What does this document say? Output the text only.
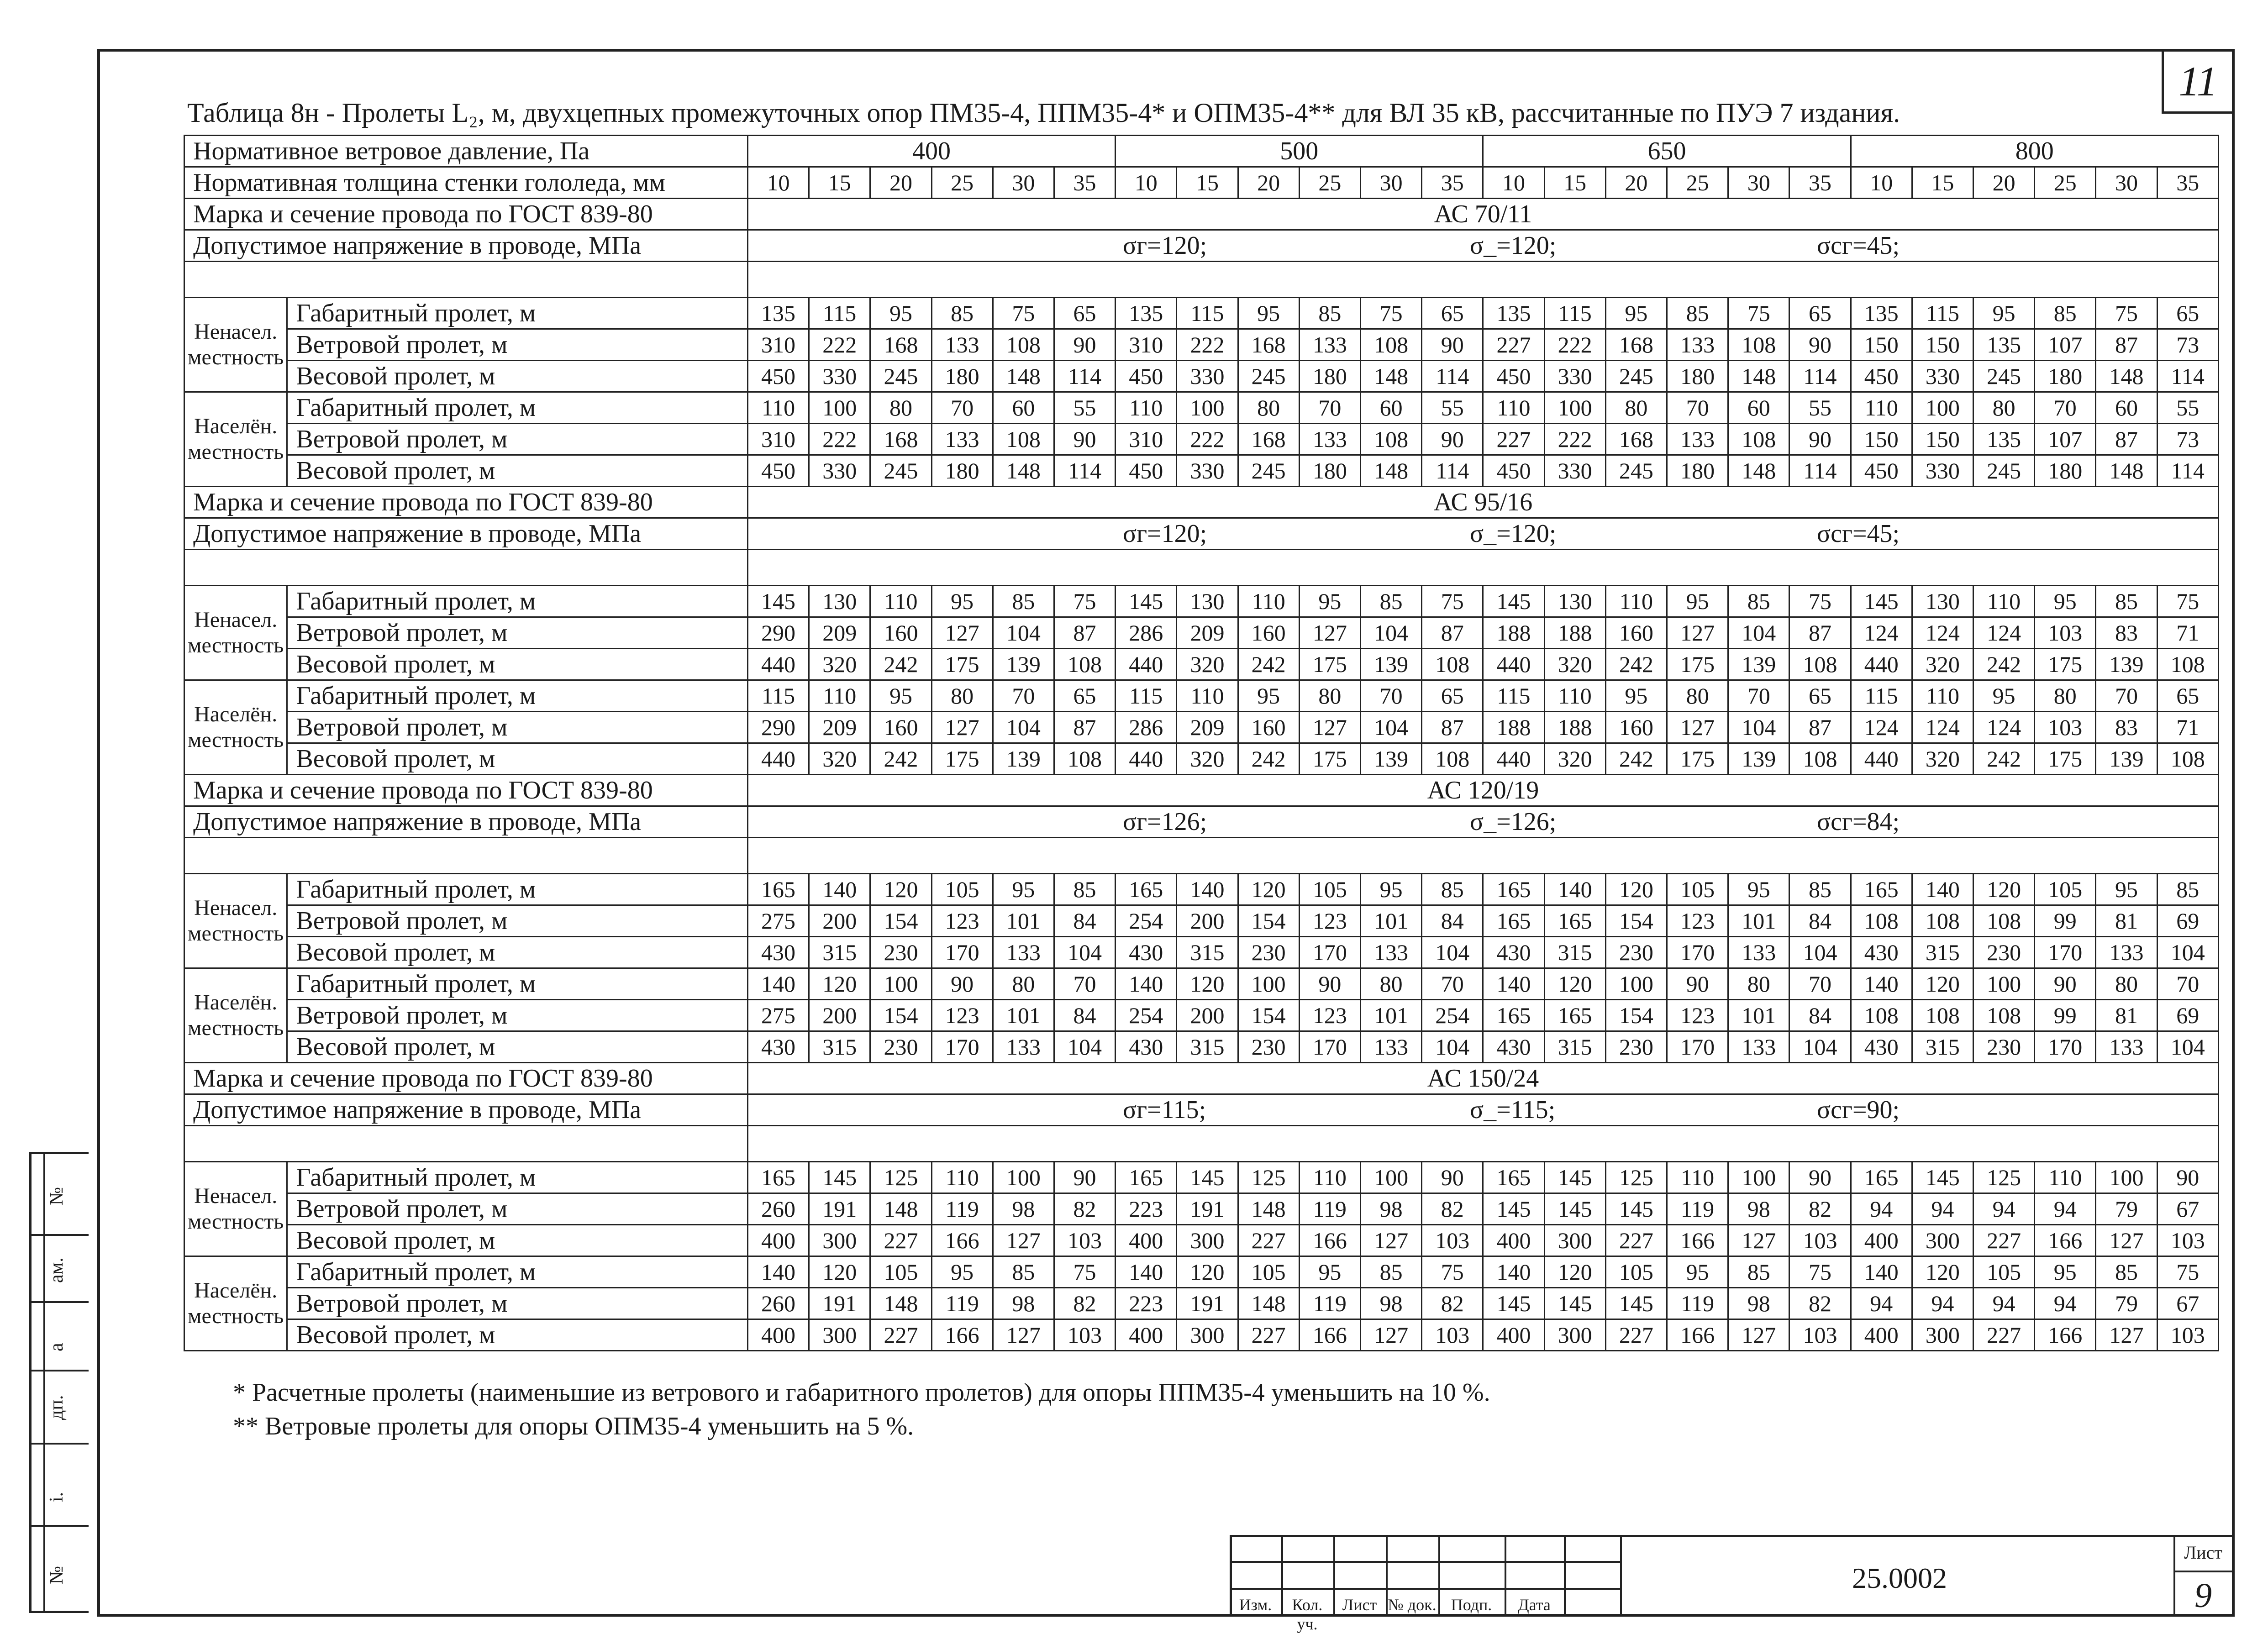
11
Таблица 8н - Пролеты L₂, м, двухцепных промежуточных опор ПМ35-4, ППМ35-4* и ОПМ35-4** для ВЛ 35 кВ, рассчитанные по ПУЭ 7 издания.
Нормативное ветровое давление, Па		400						500						650						800					
Нормативная толщина стенки гололеда, мм		10	15	20	25	30	35	10	15	20	25	30	35	10	15	20	25	30	35	10	15	20	25	30	35
Марка и сечение провода по ГОСТ 839-80		АС 70/11																							
Допустимое напряжение в проводе, МПа		σг=120; σ_=120; σсг=45;																							

Ненасел. местность	Габаритный пролет, м	135	115	95	85	75	65	135	115	95	85	75	65	135	115	95	85	75	65	135	115	95	85	75	65
	Ветровой пролет, м	310	222	168	133	108	90	310	222	168	133	108	90	227	222	168	133	108	90	150	150	135	107	87	73
	Весовой пролет, м	450	330	245	180	148	114	450	330	245	180	148	114	450	330	245	180	148	114	450	330	245	180	148	114
Населён. местность	Габаритный пролет, м	110	100	80	70	60	55	110	100	80	70	60	55	110	100	80	70	60	55	110	100	80	70	60	55
	Ветровой пролет, м	310	222	168	133	108	90	310	222	168	133	108	90	227	222	168	133	108	90	150	150	135	107	87	73
	Весовой пролет, м	450	330	245	180	148	114	450	330	245	180	148	114	450	330	245	180	148	114	450	330	245	180	148	114
Марка и сечение провода по ГОСТ 839-80		АС 95/16																							
Допустимое напряжение в проводе, МПа		σг=120; σ_=120; σсг=45;																							

Ненасел. местность	Габаритный пролет, м	145	130	110	95	85	75	145	130	110	95	85	75	145	130	110	95	85	75	145	130	110	95	85	75
	Ветровой пролет, м	290	209	160	127	104	87	286	209	160	127	104	87	188	188	160	127	104	87	124	124	124	103	83	71
	Весовой пролет, м	440	320	242	175	139	108	440	320	242	175	139	108	440	320	242	175	139	108	440	320	242	175	139	108
Населён. местность	Габаритный пролет, м	115	110	95	80	70	65	115	110	95	80	70	65	115	110	95	80	70	65	115	110	95	80	70	65
	Ветровой пролет, м	290	209	160	127	104	87	286	209	160	127	104	87	188	188	160	127	104	87	124	124	124	103	83	71
	Весовой пролет, м	440	320	242	175	139	108	440	320	242	175	139	108	440	320	242	175	139	108	440	320	242	175	139	108
Марка и сечение провода по ГОСТ 839-80		АС 120/19																							
Допустимое напряжение в проводе, МПа		σг=126; σ_=126; σсг=84;																							

Ненасел. местность	Габаритный пролет, м	165	140	120	105	95	85	165	140	120	105	95	85	165	140	120	105	95	85	165	140	120	105	95	85
	Ветровой пролет, м	275	200	154	123	101	84	254	200	154	123	101	84	165	165	154	123	101	84	108	108	108	99	81	69
	Весовой пролет, м	430	315	230	170	133	104	430	315	230	170	133	104	430	315	230	170	133	104	430	315	230	170	133	104
Населён. местность	Габаритный пролет, м	140	120	100	90	80	70	140	120	100	90	80	70	140	120	100	90	80	70	140	120	100	90	80	70
	Ветровой пролет, м	275	200	154	123	101	84	254	200	154	123	101	254	165	165	154	123	101	84	108	108	108	99	81	69
	Весовой пролет, м	430	315	230	170	133	104	430	315	230	170	133	104	430	315	230	170	133	104	430	315	230	170	133	104
Марка и сечение провода по ГОСТ 839-80		АС 150/24																							
Допустимое напряжение в проводе, МПа		σг=115; σ_=115; σсг=90;																							

Ненасел. местность	Габаритный пролет, м	165	145	125	110	100	90	165	145	125	110	100	90	165	145	125	110	100	90	165	145	125	110	100	90
	Ветровой пролет, м	260	191	148	119	98	82	223	191	148	119	98	82	145	145	145	119	98	82	94	94	94	94	79	67
	Весовой пролет, м	400	300	227	166	127	103	400	300	227	166	127	103	400	300	227	166	127	103	400	300	227	166	127	103
Населён. местность	Габаритный пролет, м	140	120	105	95	85	75	140	120	105	95	85	75	140	120	105	95	85	75	140	120	105	95	85	75
	Ветровой пролет, м	260	191	148	119	98	82	223	191	148	119	98	82	145	145	145	119	98	82	94	94	94	94	79	67
	Весовой пролет, м	400	300	227	166	127	103	400	300	227	166	127	103	400	300	227	166	127	103	400	300	227	166	127	103
* Расчетные пролеты (наименьшие из ветрового и габаритного пролетов) для опоры ППМ35-4 уменьшить на 10 %.
** Ветровые пролеты для опоры ОПМ35-4 уменьшить на 5 %.
№
ам.
а
дп.
і.
№
Изм.	Кол. уч.
Лист № док. Подп.	Дата
25.0002
Лист
9
